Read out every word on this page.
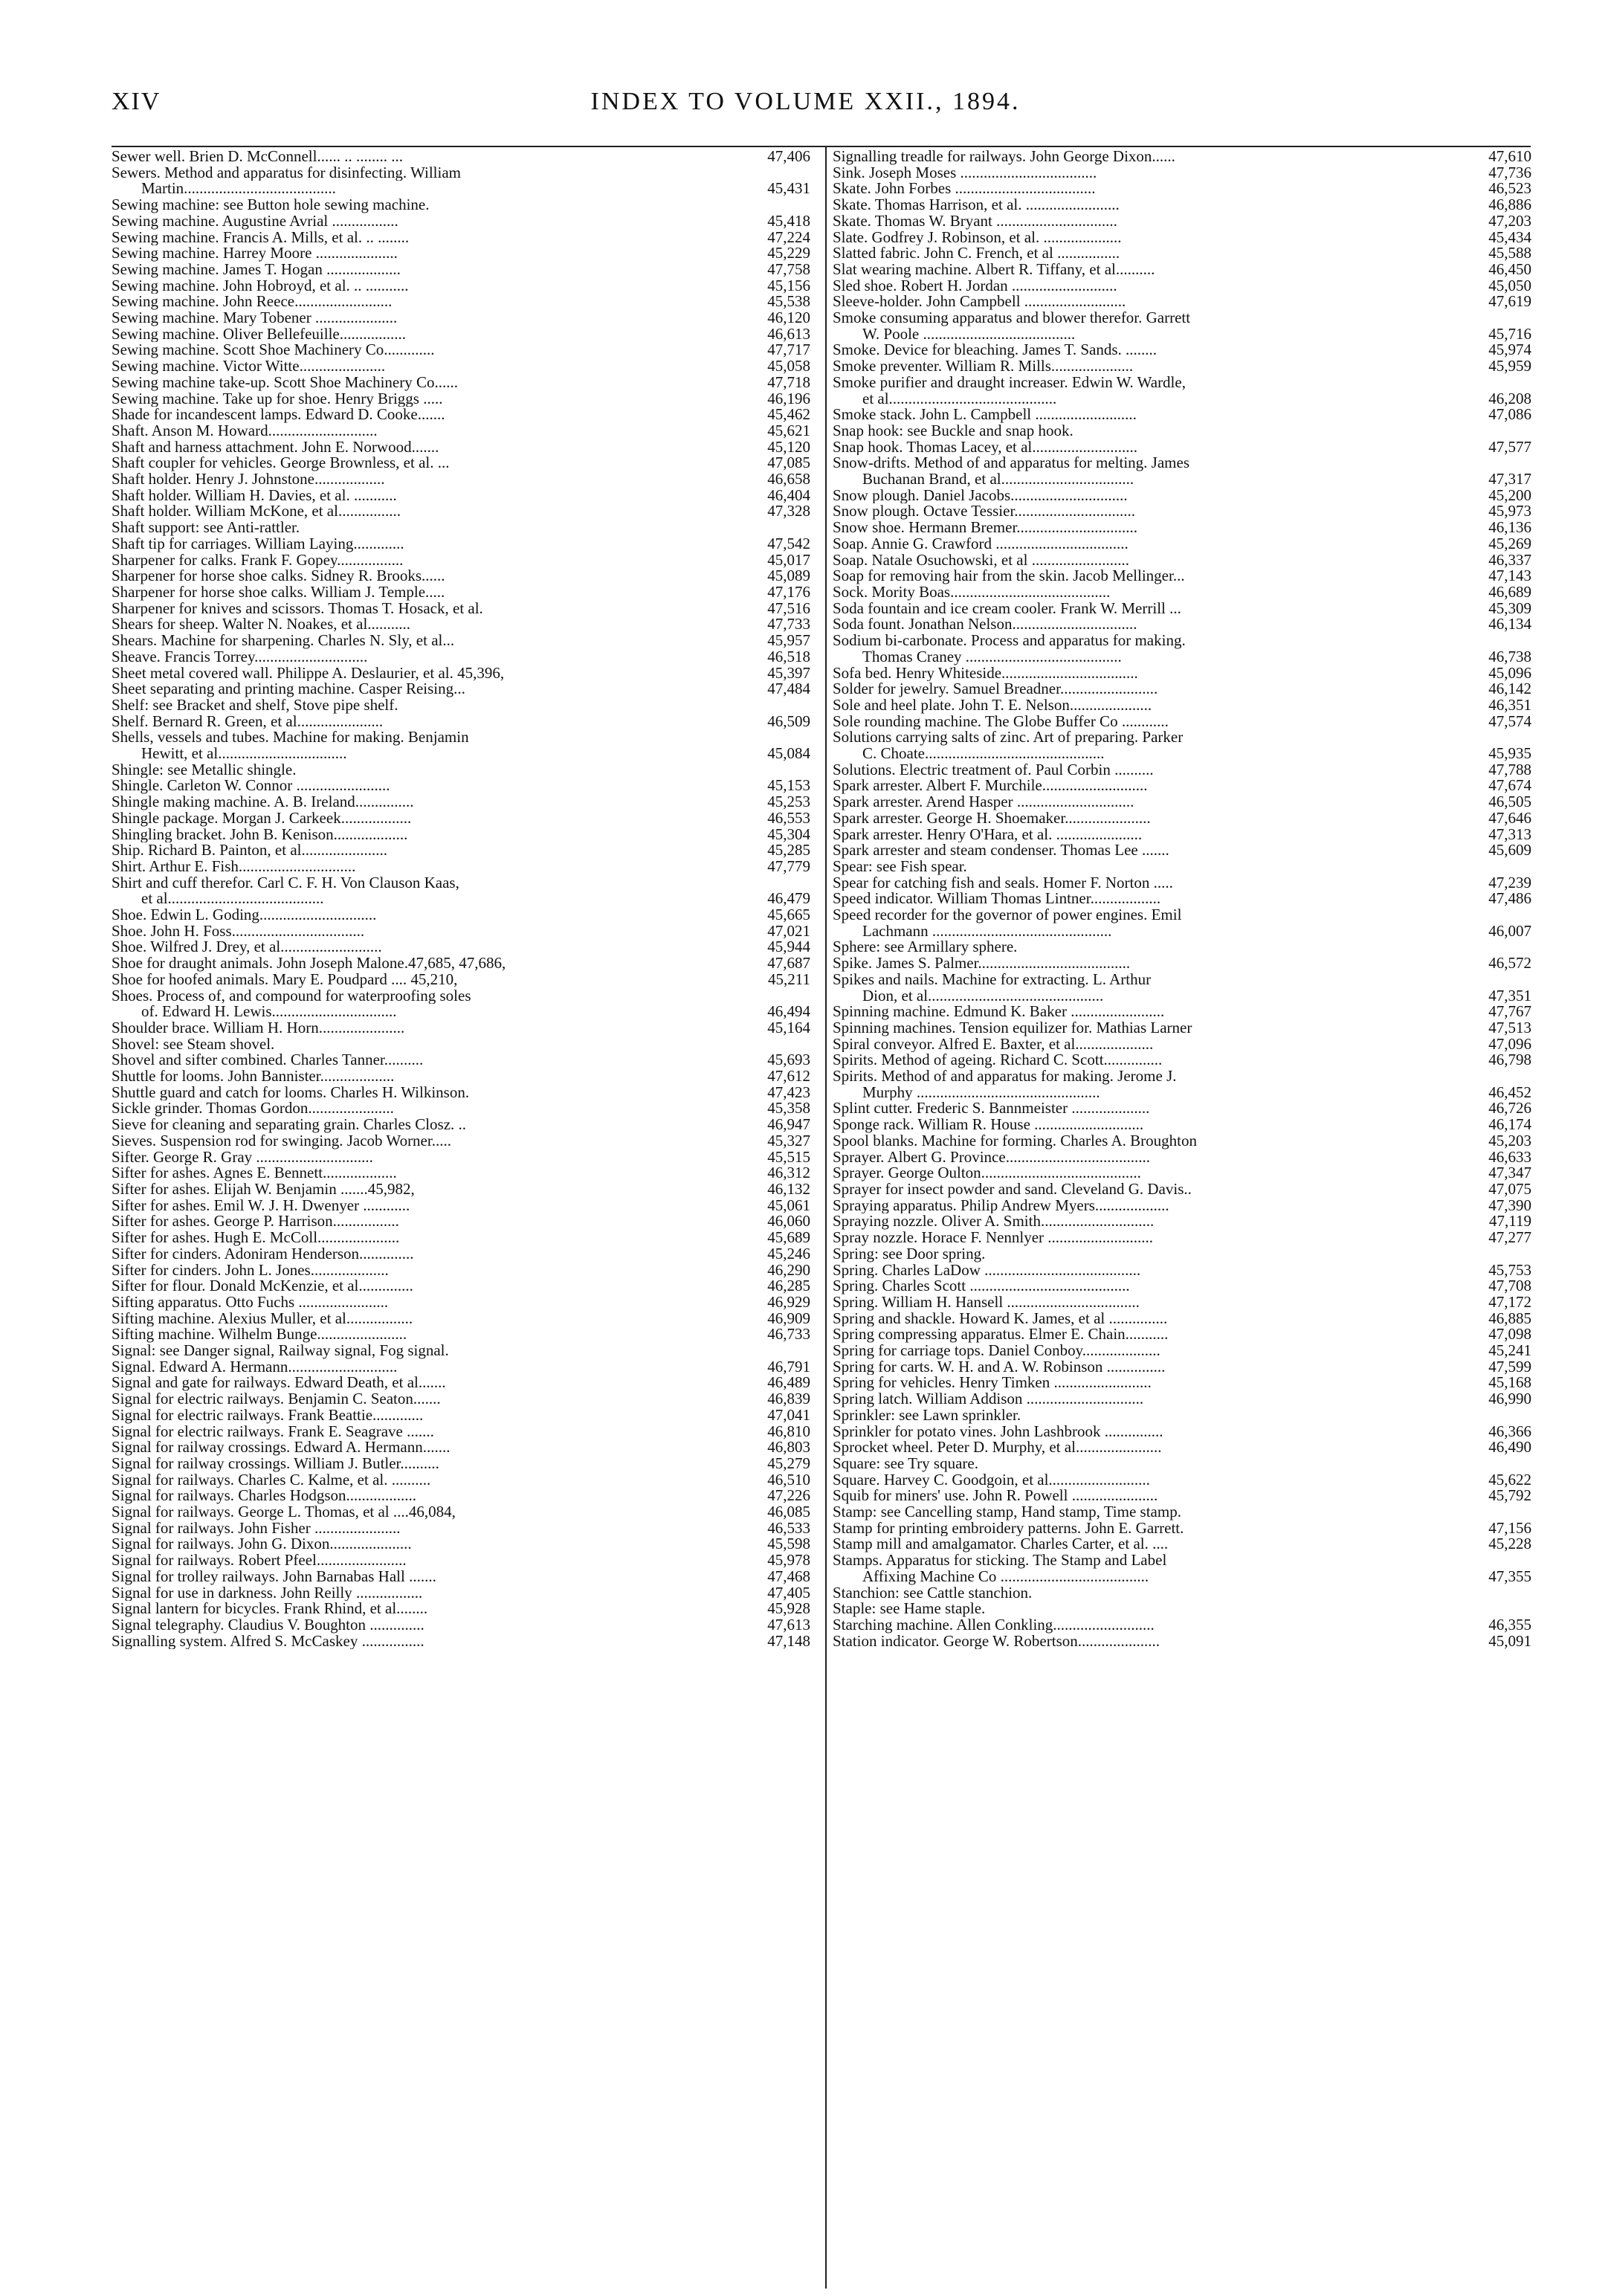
XIV	INDEX TO VOLUME XXII., 1894.
Sewer well. Brien D. McConnell...... .. ........ ...	47,406
Sewers. Method and apparatus for disinfecting. William
Martin.......................................	45,431
Sewing machine: see Button hole sewing machine.
Sewing machine. Augustine Avrial .................	45,418
Sewing machine. Francis A. Mills, et al. .. ........	47,224
Sewing machine. Harrey Moore .....................	45,229
Sewing machine. James T. Hogan ...................	47,758
Sewing machine. John Hobroyd, et al. .. ...........	45,156
Sewing machine. John Reece.........................	45,538
Sewing machine. Mary Tobener .....................	46,120
Sewing machine. Oliver Bellefeuille.................	46,613
Sewing machine. Scott Shoe Machinery Co.............	47,717
Sewing machine. Victor Witte......................	45,058
Sewing machine take-up. Scott Shoe Machinery Co......	47,718
Sewing machine. Take up for shoe. Henry Briggs .....	46,196
Shade for incandescent lamps. Edward D. Cooke.......	45,462
Shaft. Anson M. Howard............................	45,621
Shaft and harness attachment. John E. Norwood.......	45,120
Shaft coupler for vehicles. George Brownless, et al. ...	47,085
Shaft holder. Henry J. Johnstone..................	46,658
Shaft holder. William H. Davies, et al. ...........	46,404
Shaft holder. William McKone, et al................	47,328
Shaft support: see Anti-rattler.
Shaft tip for carriages. William Laying.............	47,542
Sharpener for calks. Frank F. Gopey.................	45,017
Sharpener for horse shoe calks. Sidney R. Brooks......	45,089
Sharpener for horse shoe calks. William J. Temple.....	47,176
Sharpener for knives and scissors. Thomas T. Hosack, et al.	47,516
Shears for sheep. Walter N. Noakes, et al...........	47,733
Shears. Machine for sharpening. Charles N. Sly, et al...	45,957
Sheave. Francis Torrey.............................	46,518
Sheet metal covered wall. Philippe A. Deslaurier, et al. 45,396,	45,397
Sheet separating and printing machine. Casper Reising...	47,484
Shelf: see Bracket and shelf, Stove pipe shelf.
Shelf. Bernard R. Green, et al......................	46,509
Shells, vessels and tubes. Machine for making. Benjamin
Hewitt, et al.................................	45,084
Shingle: see Metallic shingle.
Shingle. Carleton W. Connor ........................	45,153
Shingle making machine. A. B. Ireland...............	45,253
Shingle package. Morgan J. Carkeek..................	46,553
Shingling bracket. John B. Kenison...................	45,304
Ship. Richard B. Painton, et al......................	45,285
Shirt. Arthur E. Fish..............................	47,779
Shirt and cuff therefor. Carl C. F. H. Von Clauson Kaas,
et al........................................	46,479
Shoe. Edwin L. Goding..............................	45,665
Shoe. John H. Foss..................................	47,021
Shoe. Wilfred J. Drey, et al..........................	45,944
Shoe for draught animals. John Joseph Malone.47,685, 47,686,	47,687
Shoe for hoofed animals. Mary E. Poudpard .... 45,210,	45,211
Shoes. Process of, and compound for waterproofing soles
of. Edward H. Lewis................................	46,494
Shoulder brace. William H. Horn......................	45,164
Shovel: see Steam shovel.
Shovel and sifter combined. Charles Tanner..........	45,693
Shuttle for looms. John Bannister...................	47,612
Shuttle guard and catch for looms. Charles H. Wilkinson.	47,423
Sickle grinder. Thomas Gordon......................	45,358
Sieve for cleaning and separating grain. Charles Closz. ..	46,947
Sieves. Suspension rod for swinging. Jacob Worner.....	45,327
Sifter. George R. Gray ..............................	45,515
Sifter for ashes. Agnes E. Bennett...................	46,312
Sifter for ashes. Elijah W. Benjamin .......45,982,	46,132
Sifter for ashes. Emil W. J. H. Dwenyer ............	45,061
Sifter for ashes. George P. Harrison.................	46,060
Sifter for ashes. Hugh E. McColl.....................	45,689
Sifter for cinders. Adoniram Henderson..............	45,246
Sifter for cinders. John L. Jones....................	46,290
Sifter for flour. Donald McKenzie, et al..............	46,285
Sifting apparatus. Otto Fuchs .......................	46,929
Sifting machine. Alexius Muller, et al.................	46,909
Sifting machine. Wilhelm Bunge.......................	46,733
Signal: see Danger signal, Railway signal, Fog signal.
Signal. Edward A. Hermann............................	46,791
Signal and gate for railways. Edward Death, et al.......	46,489
Signal for electric railways. Benjamin C. Seaton.......	46,839
Signal for electric railways. Frank Beattie.............	47,041
Signal for electric railways. Frank E. Seagrave .......	46,810
Signal for railway crossings. Edward A. Hermann.......	46,803
Signal for railway crossings. William J. Butler..........	45,279
Signal for railways. Charles C. Kalme, et al. ..........	46,510
Signal for railways. Charles Hodgson..................	47,226
Signal for railways. George L. Thomas, et al ....46,084,	46,085
Signal for railways. John Fisher ......................	46,533
Signal for railways. John G. Dixon.....................	45,598
Signal for railways. Robert Pfeel.......................	45,978
Signal for trolley railways. John Barnabas Hall .......	47,468
Signal for use in darkness. John Reilly .................	47,405
Signal lantern for bicycles. Frank Rhind, et al........	45,928
Signal telegraphy. Claudius V. Boughton ..............	47,613
Signalling system. Alfred S. McCaskey ................	47,148
Signalling treadle for railways. John George Dixon......	47,610
Sink. Joseph Moses ...................................	47,736
Skate. John Forbes ....................................	46,523
Skate. Thomas Harrison, et al. ........................	46,886
Skate. Thomas W. Bryant ...............................	47,203
Slate. Godfrey J. Robinson, et al. ....................	45,434
Slatted fabric. John C. French, et al ................	45,588
Slat wearing machine. Albert R. Tiffany, et al..........	46,450
Sled shoe. Robert H. Jordan ...........................	45,050
Sleeve-holder. John Campbell ..........................	47,619
Smoke consuming apparatus and blower therefor. Garrett
W. Poole .......................................	45,716
Smoke. Device for bleaching. James T. Sands. ........	45,974
Smoke preventer. William R. Mills.....................	45,959
Smoke purifier and draught increaser. Edwin W. Wardle,
et al...........................................	46,208
Smoke stack. John L. Campbell ..........................	47,086
Snap hook: see Buckle and snap hook.
Snap hook. Thomas Lacey, et al...........................	47,577
Snow-drifts. Method of and apparatus for melting. James
Buchanan Brand, et al..................................	47,317
Snow plough. Daniel Jacobs..............................	45,200
Snow plough. Octave Tessier...............................	45,973
Snow shoe. Hermann Bremer...............................	46,136
Soap. Annie G. Crawford ..................................	45,269
Soap. Natale Osuchowski, et al .........................	46,337
Soap for removing hair from the skin. Jacob Mellinger...	47,143
Sock. Mority Boas.........................................	46,689
Soda fountain and ice cream cooler. Frank W. Merrill ...	45,309
Soda fount. Jonathan Nelson................................	46,134
Sodium bi-carbonate. Process and apparatus for making.
Thomas Craney ........................................	46,738
Sofa bed. Henry Whiteside...................................	45,096
Solder for jewelry. Samuel Breadner.........................	46,142
Sole and heel plate. John T. E. Nelson.....................	46,351
Sole rounding machine. The Globe Buffer Co ............	47,574
Solutions carrying salts of zinc. Art of preparing. Parker
C. Choate..............................................	45,935
Solutions. Electric treatment of. Paul Corbin ..........	47,788
Spark arrester. Albert F. Murchile...........................	47,674
Spark arrester. Arend Hasper ..............................	46,505
Spark arrester. George H. Shoemaker......................	47,646
Spark arrester. Henry O'Hara, et al. ......................	47,313
Spark arrester and steam condenser. Thomas Lee .......	45,609
Spear: see Fish spear.
Spear for catching fish and seals. Homer F. Norton .....	47,239
Speed indicator. William Thomas Lintner..................	47,486
Speed recorder for the governor of power engines. Emil
Lachmann ..............................................	46,007
Sphere: see Armillary sphere.
Spike. James S. Palmer.......................................	46,572
Spikes and nails. Machine for extracting. L. Arthur
Dion, et al.............................................	47,351
Spinning machine. Edmund K. Baker ........................	47,767
Spinning machines. Tension equilizer for. Mathias Larner	47,513
Spiral conveyor. Alfred E. Baxter, et al....................	47,096
Spirits. Method of ageing. Richard C. Scott...............	46,798
Spirits. Method of and apparatus for making. Jerome J.
Murphy ...............................................	46,452
Splint cutter. Frederic S. Bannmeister ....................	46,726
Sponge rack. William R. House ............................	46,174
Spool blanks. Machine for forming. Charles A. Broughton	45,203
Sprayer. Albert G. Province.....................................	46,633
Sprayer. George Oulton.........................................	47,347
Sprayer for insect powder and sand. Cleveland G. Davis..	47,075
Spraying apparatus. Philip Andrew Myers...................	47,390
Spraying nozzle. Oliver A. Smith.............................	47,119
Spray nozzle. Horace F. Nennlyer ...........................	47,277
Spring: see Door spring.
Spring. Charles LaDow ........................................	45,753
Spring. Charles Scott .........................................	47,708
Spring. William H. Hansell ..................................	47,172
Spring and shackle. Howard K. James, et al ...............	46,885
Spring compressing apparatus. Elmer E. Chain...........	47,098
Spring for carriage tops. Daniel Conboy....................	45,241
Spring for carts. W. H. and A. W. Robinson ...............	47,599
Spring for vehicles. Henry Timken .........................	45,168
Spring latch. William Addison ..............................	46,990
Sprinkler: see Lawn sprinkler.
Sprinkler for potato vines. John Lashbrook ...............	46,366
Sprocket wheel. Peter D. Murphy, et al......................	46,490
Square: see Try square.
Square. Harvey C. Goodgoin, et al..........................	45,622
Squib for miners' use. John R. Powell ......................	45,792
Stamp: see Cancelling stamp, Hand stamp, Time stamp.
Stamp for printing embroidery patterns. John E. Garrett.	47,156
Stamp mill and amalgamator. Charles Carter, et al. ....	45,228
Stamps. Apparatus for sticking. The Stamp and Label
Affixing Machine Co ......................................	47,355
Stanchion: see Cattle stanchion.
Staple: see Hame staple.
Starching machine. Allen Conkling..........................	46,355
Station indicator. George W. Robertson.....................	45,091
